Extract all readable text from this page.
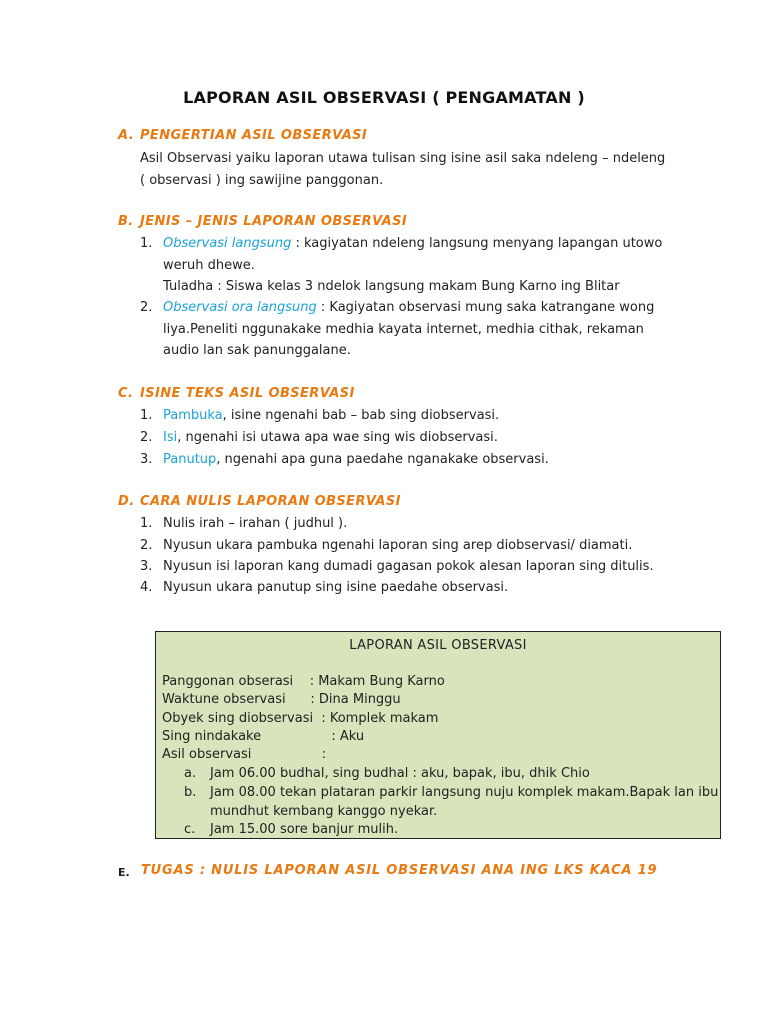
LAPORAN ASIL OBSERVASI ( PENGAMATAN )
A. PENGERTIAN ASIL OBSERVASI
Asil Observasi yaiku laporan utawa tulisan sing isine asil saka ndeleng – ndeleng
( observasi ) ing sawijine panggonan.
B. JENIS – JENIS LAPORAN OBSERVASI
1. Observasi langsung : kagiyatan ndeleng langsung menyang lapangan utowo
weruh dhewe.
Tuladha : Siswa kelas 3 ndelok langsung makam Bung Karno ing Blitar
2. Observasi ora langsung : Kagiyatan observasi mung saka katrangane wong
liya.Peneliti nggunakake medhia kayata internet, medhia cithak, rekaman
audio lan sak panunggalane.
C. ISINE TEKS ASIL OBSERVASI
1. Pambuka, isine ngenahi bab – bab sing diobservasi.
2. Isi, ngenahi isi utawa apa wae sing wis diobservasi.
3. Panutup, ngenahi apa guna paedahe nganakake observasi.
D. CARA NULIS LAPORAN OBSERVASI
1. Nulis irah – irahan ( judhul ).
2. Nyusun ukara pambuka ngenahi laporan sing arep diobservasi/ diamati.
3. Nyusun isi laporan kang dumadi gagasan pokok alesan laporan sing ditulis.
4. Nyusun ukara panutup sing isine paedahe observasi.
LAPORAN ASIL OBSERVASI
Panggonan obserasi    : Makam Bung Karno
Waktune observasi      : Dina Minggu
Obyek sing diobservasi  : Komplek makam
Sing nindakake                 : Aku
Asil observasi                 :
a. Jam 06.00 budhal, sing budhal : aku, bapak, ibu, dhik Chio
b. Jam 08.00 tekan plataran parkir langsung nuju komplek makam.Bapak lan ibu
mundhut kembang kanggo nyekar.
c. Jam 15.00 sore banjur mulih.
E. TUGAS : NULIS LAPORAN ASIL OBSERVASI ANA ING LKS KACA 19
